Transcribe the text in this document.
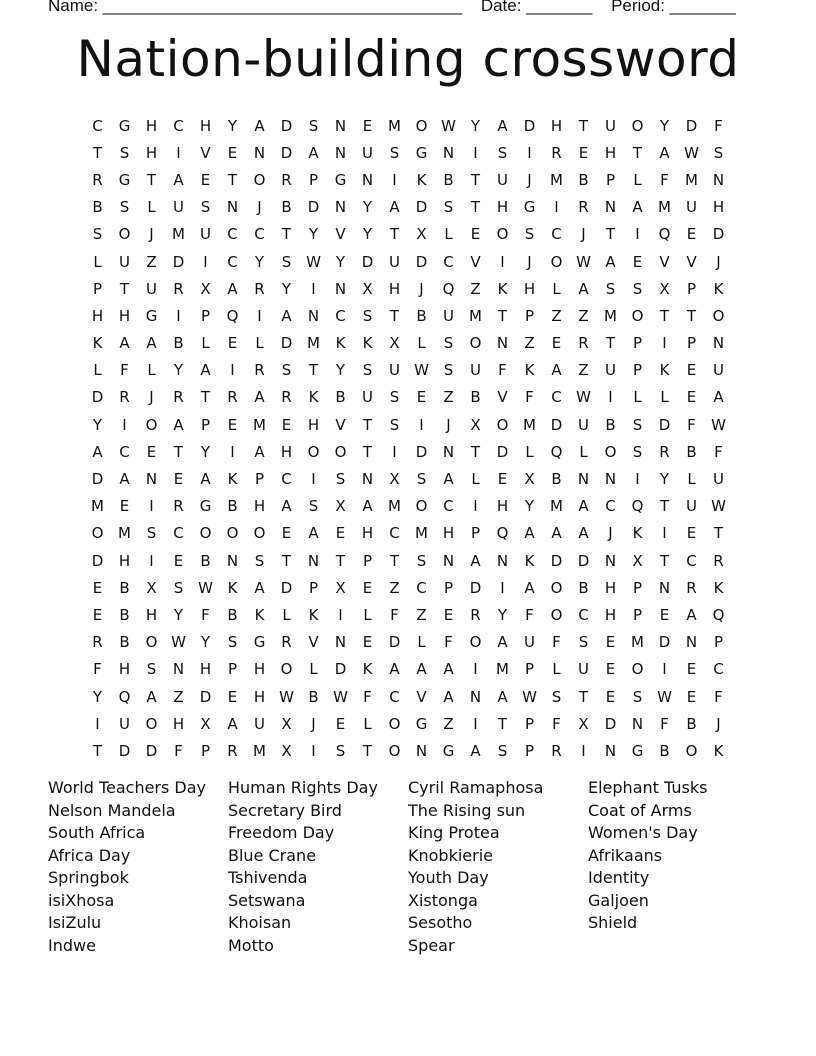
Name: ______________________________________ Date: _______ Period: _______
Nation-building crossword
C	G	H	C	H	Y	A	D	S	N	E	M O W Y	A	D	H	T	U	O	Y	D	F
T	S	H	I	V	E	N	D	A	N	U	S	G	N	I	S	I	R	E	H	T	A W S
R	G	T	A	E	T	O	R	P	G	N	I	K	B	T	U	J	M	B	P	L	F	M N
B	S	L	U	S	N	J	B	D	N	Y	A	D	S	T	H	G	I	R	N	A	M	U	H
S	O	J	M	U	C	C	T	Y	V	Y	T	X	L	E	O	S	C	J	T	I	Q	E	D
L	U	Z	D	I	C	Y	S W Y	D	U	D	C	V	I	J	O W A	E	V	V	J
P	T	U	R	X	A	R	Y	I	N	X	H	J	Q	Z	K	H	L	A	S	S	X	P	K
H	H	G	I	P	Q	I	A	N	C	S	T	B	U	M	T	P	Z	Z	M O	T	T	O
K	A	A	B	L	E	L	D M	K	K	X	L	S	O	N	Z	E	R	T	P	I	P	N
L	F	L	Y	A	I	R	S	T	Y	S	U W S	U	F	K	A	Z	U	P	K	E	U
D	R	J	R	T	R	A	R	K	B	U	S	E	Z	B	V	F	C W	I	L	L	E	A
Y	I	O	A	P	E	M	E	H	V	T	S	I	J	X	O M D	U	B	S	D	F	W
A	C	E	T	Y	I	A	H	O	O	T	I	D	N	T	D	L	Q	L	O	S	R	B	F
D	A	N	E	A	K	P	C	I	S	N	X	S	A	L	E	X	B	N	N	I	Y	L	U
M	E	I	R	G	B	H	A	S	X	A	M O	C	I	H	Y	M	A	C	Q	T	U W
O M	S	C	O	O	O	E	A	E	H	C	M H	P	Q	A	A	A	J	K	I	E	T
D	H	I	E	B	N	S	T	N	T	P	T	S	N	A	N	K	D	D	N	X	T	C	R
E	B	X	S W K	A	D	P	X	E	Z	C	P	D	I	A	O	B	H	P	N	R	K
E	B	H	Y	F	B	K	L	K	I	L	F	Z	E	R	Y	F	O	C	H	P	E	A	Q
R	B	O W Y	S	G	R	V	N	E	D	L	F	O	A	U	F	S	E	M D	N	P
F	H	S	N	H	P	H	O	L	D	K	A	A	A	I	M	P	L	U	E	O	I	E	C
Y	Q	A	Z	D	E	H W B W	F	C	V	A	N	A W S	T	E	S W E	F
I	U	O	H	X	A	U	X	J	E	L	O	G	Z	I	T	P	F	X	D	N	F	B	J
T	D	D	F	P	R	M	X	I	S	T	O	N	G	A	S	P	R	I	N	G	B	O	K
World Teachers Day
Nelson Mandela
South Africa
Africa Day
Springbok
isiXhosa
IsiZulu
Indwe
Human Rights Day
Secretary Bird
Freedom Day
Blue Crane
Tshivenda
Setswana
Khoisan
Motto
Cyril Ramaphosa
The Rising sun
King Protea
Knobkierie
Youth Day
Xistonga
Sesotho
Spear
Elephant Tusks
Coat of Arms
Women's Day
Afrikaans
Identity
Galjoen
Shield
